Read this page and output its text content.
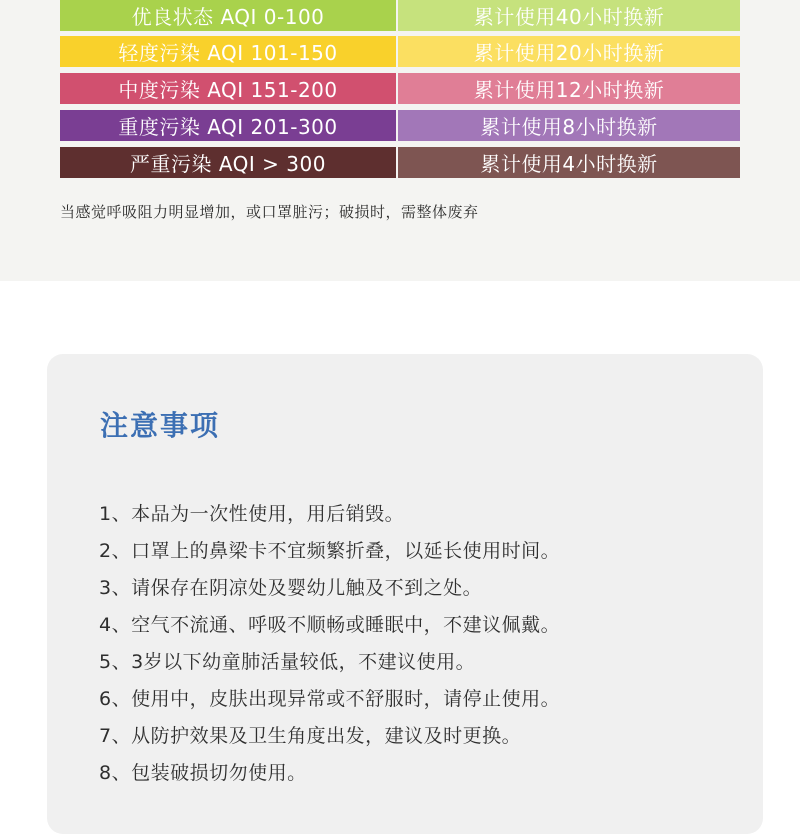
优良状态 AQI 0-100	累计使用40小时换新
轻度污染 AQI 101-150	累计使用20小时换新
中度污染 AQI 151-200	累计使用12小时换新
重度污染 AQI 201-300	累计使用8小时换新
严重污染 AQI > 300	累计使用4小时换新
当感觉呼吸阻力明显增加，或口罩脏污；破损时，需整体废弃
注意事项
1、本品为一次性使用，用后销毁。
2、口罩上的鼻梁卡不宜频繁折叠，以延长使用时间。
3、请保存在阴凉处及婴幼儿触及不到之处。
4、空气不流通、呼吸不顺畅或睡眠中，不建议佩戴。
5、3岁以下幼童肺活量较低，不建议使用。
6、使用中，皮肤出现异常或不舒服时，请停止使用。
7、从防护效果及卫生角度出发，建议及时更换。
8、包装破损切勿使用。
